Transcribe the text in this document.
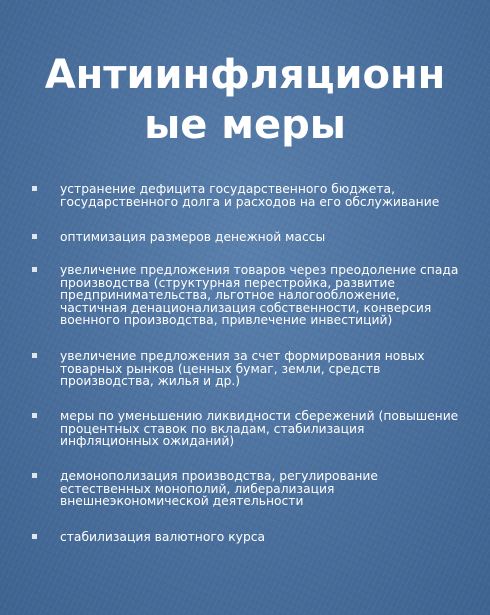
Антиинфляционн
ые меры
устранение дефицита государственного бюджета,
государственного долга и расходов на его обслуживание
оптимизация размеров денежной массы
увеличение предложения товаров через преодоление спада
производства (структурная перестройка, развитие
предпринимательства, льготное налогообложение,
частичная денационализация собственности, конверсия
военного производства, привлечение инвестиций)
увеличение предложения за счет формирования новых
товарных рынков (ценных бумаг, земли, средств
производства, жилья и др.)
меры по уменьшению ликвидности сбережений (повышение
процентных ставок по вкладам, стабилизация
инфляционных ожиданий)
демонополизация производства, регулирование
естественных монополий, либерализация
внешнеэкономической деятельности
стабилизация валютного курса
